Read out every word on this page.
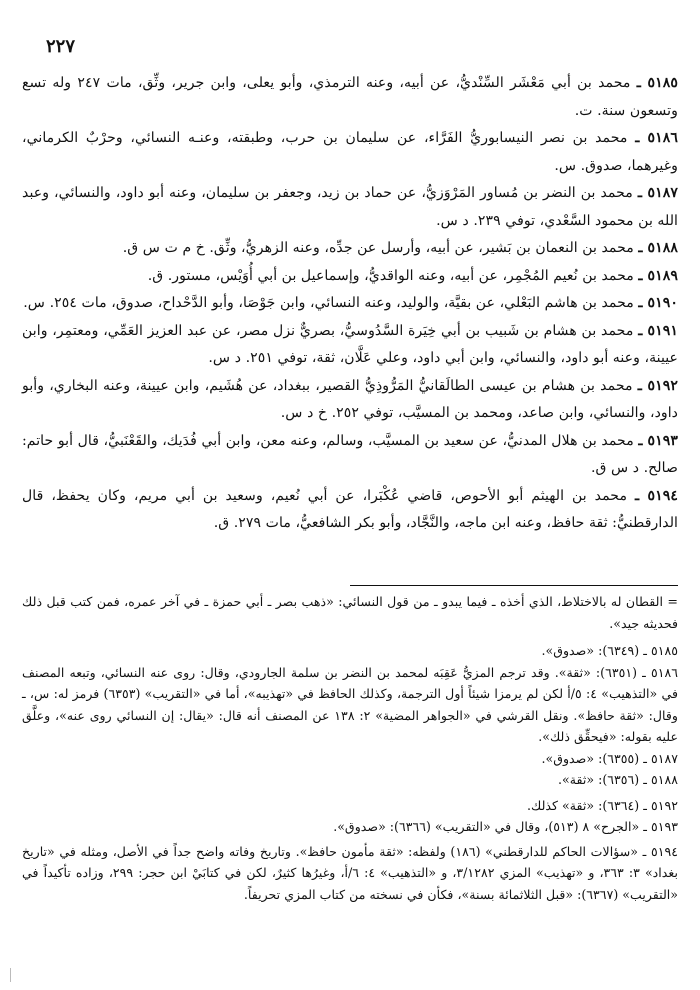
٢٢٧

٥١٨٥ ـ محمد بن أبي مَعْشَر السِّنْديُّ، عن أبيه، وعنه الترمذي، وأبو يعلى، وابن جرير، وثِّق، مات ٢٤٧ وله تسع وتسعون سنة. ت.

٥١٨٦ ـ محمد بن نصر النيسابوريُّ الفَرَّاء، عن سليمان بن حرب، وطبقته، وعنـه النسائي، وحرْبٌ الكرماني، وغيرهما، صدوق. س.

٥١٨٧ ـ محمد بن النضر بن مُساور المَرْوَزيُّ، عن حماد بن زيد، وجعفر بن سليمان، وعنه أبو داود، والنسائي، وعبد الله بن محمود السَّعْدي، توفي ٢٣٩. د س.

٥١٨٨ ـ محمد بن النعمان بن بَشير، عن أبيه، وأرسل عن جدِّه، وعنه الزهريُّ، وثِّق. خ م ت س ق.

٥١٨٩ ـ محمد بن نُعيم المُجْمِر، عن أبيه، وعنه الواقديُّ، وإسماعيل بن أبي أُوَيْس، مستور. ق.

٥١٩٠ ـ محمد بن هاشم البَعْلي، عن بقيَّة، والوليد، وعنه النسائي، وابن جَوْصَا، وأبو الدَّحْداح، صدوق، مات ٢٥٤. س.

٥١٩١ ـ محمد بن هشام بن شَبيب بن أبي خِيَرة السَّدُوسيُّ، بصريٌّ نزل مصر، عن عبد العزيز العَمِّي، ومعتمِر، وابن عيينة، وعنه أبو داود، والنسائي، وابن أبي داود، وعلي عَلَّان، ثقة، توفي ٢٥١. د س.

٥١٩٢ ـ محمد بن هشام بن عيسى الطالَقانيُّ المَرُّوذِيُّ القصير، ببغداد، عن هُشَيم، وابن عيينة، وعنه البخاري، وأبو داود، والنسائي، وابن صاعد، ومحمد بن المسيَّب، توفي ٢٥٢. خ د س.

٥١٩٣ ـ محمد بن هلال المدنيُّ، عن سعيد بن المسيَّب، وسالم، وعنه معن، وابن أبي فُدَيك، والقَعْنَبيُّ، قال أبو حاتم: صالح. د س ق.

٥١٩٤ ـ محمد بن الهيثم أبو الأحوص، قاضي عُكْبَرا، عن أبي نُعيم، وسعيد بن أبي مريم، وكان يحفظ، قال الدارقطنيُّ: ثقة حافظ، وعنه ابن ماجه، والنَّجَّاد، وأبو بكر الشافعيُّ، مات ٢٧٩. ق.

= القطان له بالاختلاط، الذي أخذه ـ فيما يبدو ـ من قول النسائي: «ذهب بصر ـ أبي حمزة ـ في آخر عمره، فمن كتب قبل ذلك فحديثه جيد».

٥١٨٥ ـ (٦٣٤٩): «صدوق».

٥١٨٦ ـ (٦٣٥١): «ثقة». وقد ترجم المزيُّ عَقِبَه لمحمد بن النضر بن سلمة الجارودي، وقال: روى عنه النسائي، وتبعه المصنف في «التذهيب» ٤: ٥/أ لكن لم يرمزا شيئاً أول الترجمة، وكذلك الحافظ في «تهذيبه»، أما في «التقريب» (٦٣٥٣) فرمز له: س، ـ وقال: «ثقة حافظ». ونقل القرشي في «الجواهر المضية» ٢: ١٣٨ عن المصنف أنه قال: «يقال: إن النسائي روى عنه»، وعلَّق عليه بقوله: «فيحقِّق ذلك».

٥١٨٧ ـ (٦٣٥٥): «صدوق».

٥١٨٨ ـ (٦٣٥٦): «ثقة».

٥١٩٢ ـ (٦٣٦٤): «ثقة» كذلك.

٥١٩٣ ـ «الجرح» ٨ (٥١٣)، وقال في «التقريب» (٦٣٦٦): «صدوق».

٥١٩٤ ـ «سؤالات الحاكم للدارقطني» (١٨٦) ولفظه: «ثقة مأمون حافظ». وتاريخ وفاته واضح جداً في الأصل، ومثله في «تاريخ بغداد» ٣: ٣٦٣، و «تهذيب» المزي ٣/١٢٨٢، و «التذهيب» ٤: ٦/أ، وغيرُها كثيرٌ، لكن في كتابَيْ ابن حجر: ٢٩٩، وزاده تأكيداً في «التقريب» (٦٣٦٧): «قبل الثلاثمائة بسنة»، فكأن في نسخته من كتاب المزي تحريفاً.
